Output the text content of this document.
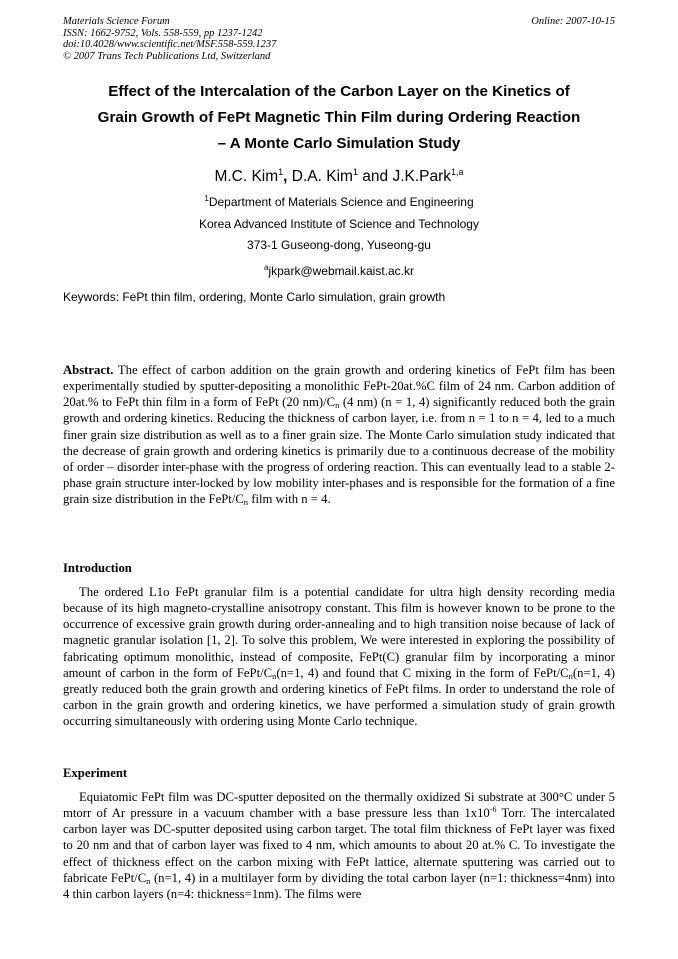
Materials Science Forum
ISSN: 1662-9752, Vols. 558-559, pp 1237-1242
doi:10.4028/www.scientific.net/MSF.558-559.1237
© 2007 Trans Tech Publications Ltd, Switzerland
Online: 2007-10-15
Effect of the Intercalation of the Carbon Layer on the Kinetics of
Grain Growth of FePt Magnetic Thin Film during Ordering Reaction
– A Monte Carlo Simulation Study
M.C. Kim$^1$, D.A. Kim$^1$ and J.K.Park$^{1,a}$
$^1$Department of Materials Science and Engineering
Korea Advanced Institute of Science and Technology
373-1 Guseong-dong, Yuseong-gu
$^a$jkpark@webmail.kaist.ac.kr
Keywords: FePt thin film, ordering, Monte Carlo simulation, grain growth

Abstract. The effect of carbon addition on the grain growth and ordering kinetics of FePt film has been experimentally studied by sputter-depositing a monolithic FePt-20at.%C film of 24 nm. Carbon addition of 20at.% to FePt thin film in a form of FePt (20 $nm)/C_n$ (4 nm) (n = 1, 4) significantly reduced both the grain growth and ordering kinetics. Reducing the thickness of carbon layer, i.e. from n = 1 to n = 4, led to a much finer grain size distribution as well as to a finer grain size. The Monte Carlo simulation study indicated that the decrease of grain growth and ordering kinetics is primarily due to a continuous decrease of the mobility of order – disorder inter-phase with the progress of ordering reaction. This can eventually lead to a stable 2-phase grain structure inter-locked by low mobility inter-phases and is responsible for the formation of a fine grain size distribution in the FePt/$C_n$ film with n = 4.

Introduction

The ordered L1o FePt granular film is a potential candidate for ultra high density recording media because of its high magneto-crystalline anisotropy constant. This film is however known to be prone to the occurrence of excessive grain growth during order-annealing and to high transition noise because of lack of magnetic granular isolation [1, 2]. To solve this problem, We were interested in exploring the possibility of fabricating optimum monolithic, instead of composite, FePt(C) granular film by incorporating a minor amount of carbon in the form of FePt/$C_n(n=1$, 4) and found that C mixing in the form of FePt/$C_n(n=1$, 4) greatly reduced both the grain growth and ordering kinetics of FePt films. In order to understand the role of carbon in the grain growth and ordering kinetics, we have performed a simulation study of grain growth occurring simultaneously with ordering using Monte Carlo technique.

Experiment

Equiatomic FePt film was DC-sputter deposited on the thermally oxidized Si substrate at 300°C under 5 mtorr of Ar pressure in a vacuum chamber with a base pressure less than $1x10^{-6}$ Torr. The intercalated carbon layer was DC-sputter deposited using carbon target. The total film thickness of FePt layer was fixed to 20 nm and that of carbon layer was fixed to 4 nm, which amounts to about 20 at.% C. To investigate the effect of thickness effect on the carbon mixing with FePt lattice, alternate sputtering was carried out to fabricate FePt/$C_n$ (n=1, 4) in a multilayer form by dividing the total carbon layer (n=1: thickness=4nm) into 4 thin carbon layers (n=4: thickness=1nm). The films were
